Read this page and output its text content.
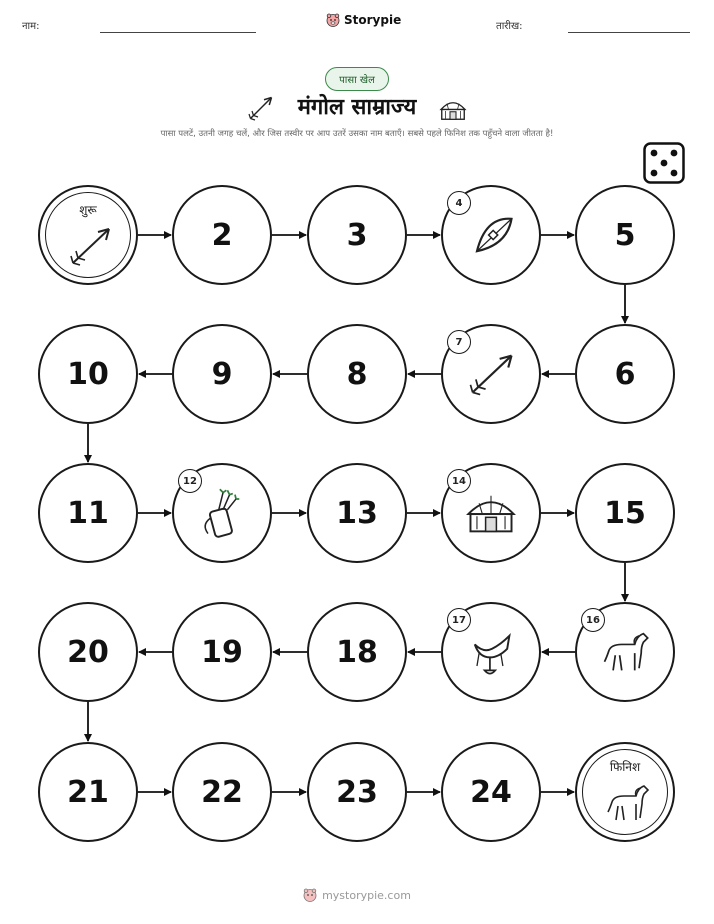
नाम:	तारीख:
Storypie
पासा खेल
मंगोल साम्राज्य
पासा पलटें, उतनी जगह चलें, और जिस तस्वीर पर आप उतरें उसका नाम बताएँ। सबसे पहले फिनिश तक पहुँचने वाला जीतता है!
शुरू
2	3
4
5
6
7
8
9
10
11
12
13
14
15
16
17
18
19
20
21	22	23	24
फिनिश
mystorypie.com
